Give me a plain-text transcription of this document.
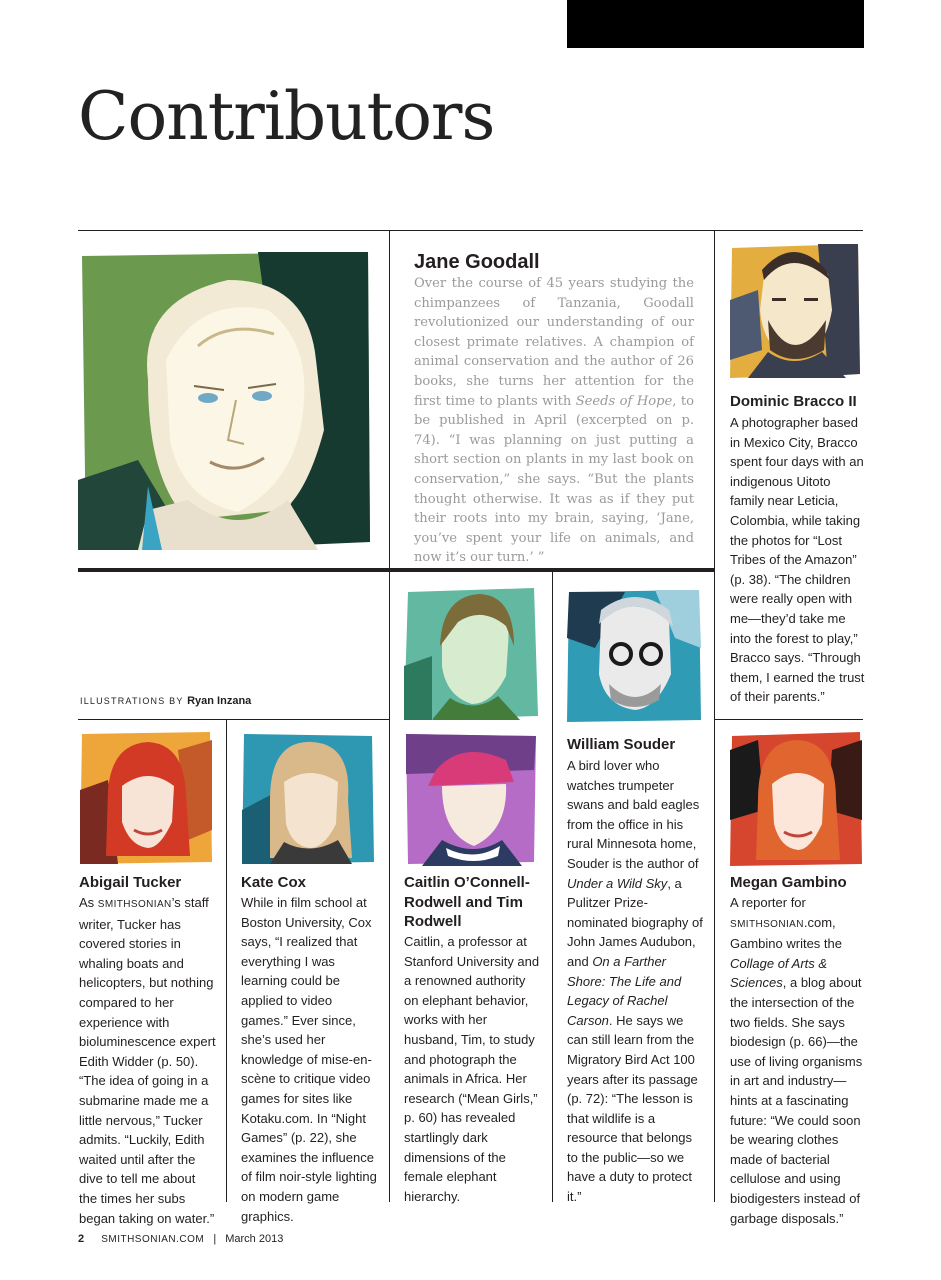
Contributors
Jane Goodall
Over the course of 45 years studying the chimpanzees of Tanzania, Goodall revolutionized our understanding of our closest primate relatives. A champion of animal conservation and the author of 26 books, she turns her attention for the first time to plants with Seeds of Hope, to be published in April (excerpted on p. 74). “I was planning on just putting a short section on plants in my last book on conservation,” she says. “But the plants thought otherwise. It was as if they put their roots into my brain, saying, ‘Jane, you’ve spent your life on animals, and now it’s our turn.’ ”
Dominic Bracco II
A photographer based in Mexico City, Bracco spent four days with an indigenous Uitoto family near Leticia, Colombia, while taking the photos for “Lost Tribes of the Amazon” (p. 38). “The children were really open with me—they’d take me into the forest to play,” Bracco says. “Through them, I earned the trust of their parents.”
ILLUSTRATIONS BY Ryan Inzana
William Souder
A bird lover who watches trumpeter swans and bald eagles from the office in his rural Minnesota home, Souder is the author of Under a Wild Sky, a Pulitzer Prize-nominated biography of John James Audubon, and On a Farther Shore: The Life and Legacy of Rachel Carson. He says we can still learn from the Migratory Bird Act 100 years after its passage (p. 72): “The lesson is that wildlife is a resource that belongs to the public—so we have a duty to protect it.”
Abigail Tucker
As SMITHSONIAN’s staff writer, Tucker has covered stories in whaling boats and helicopters, but nothing compared to her experience with bioluminescence expert Edith Widder (p. 50). “The idea of going in a submarine made me a little nervous,” Tucker admits. “Luckily, Edith waited until after the dive to tell me about the times her subs began taking on water.”
Kate Cox
While in film school at Boston University, Cox says, “I realized that everything I was learning could be applied to video games.” Ever since, she’s used her knowledge of mise-en-scène to critique video games for sites like Kotaku.com. In “Night Games” (p. 22), she examines the influence of film noir-style lighting on modern game graphics.
Caitlin O’Connell-Rodwell and Tim Rodwell
Caitlin, a professor at Stanford University and a renowned authority on elephant behavior, works with her husband, Tim, to study and photograph the animals in Africa. Her research (“Mean Girls,” p. 60) has revealed startlingly dark dimensions of the female elephant hierarchy.
Megan Gambino
A reporter for SMITHSONIAN.com, Gambino writes the Collage of Arts & Sciences, a blog about the intersection of the two fields. She says biodesign (p. 66)—the use of living organisms in art and industry—hints at a fascinating future: “We could soon be wearing clothes made of bacterial cellulose and using biodigesters instead of garbage disposals.”
2 SMITHSONIAN.COM | March 2013
